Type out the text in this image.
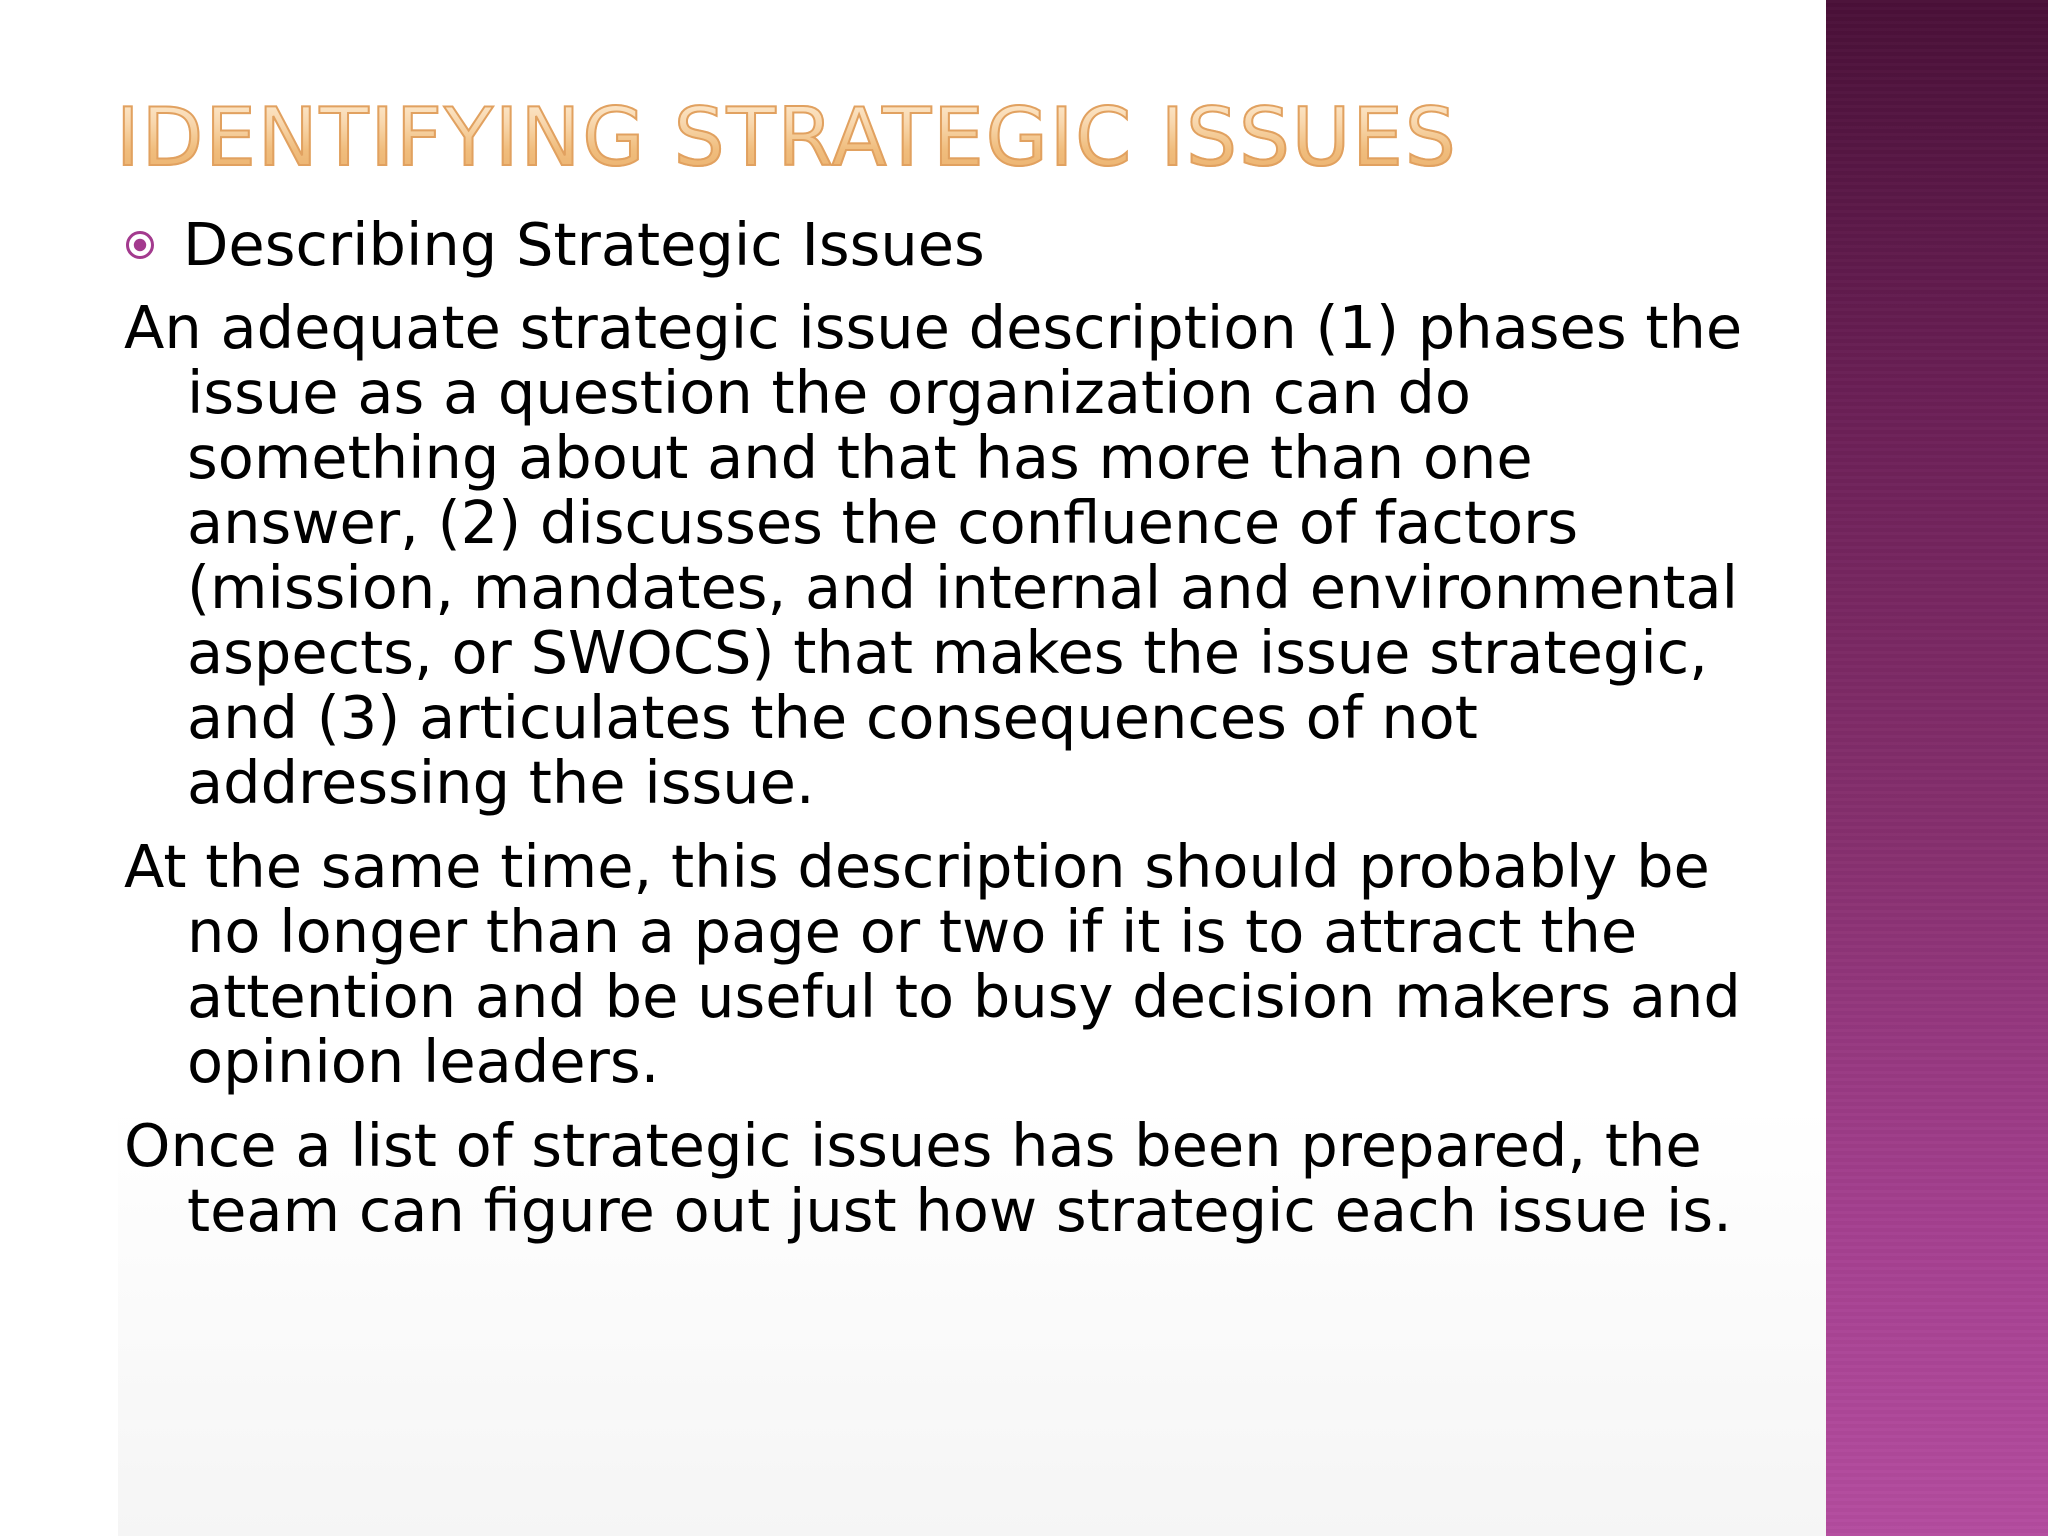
IDENTIFYING STRATEGIC ISSUES
Describing Strategic Issues

An adequate strategic issue description (1) phases the issue as a question the organization can do something about and that has more than one answer, (2) discusses the confluence of factors (mission, mandates, and internal and environmental aspects, or SWOCS) that makes the issue strategic, and (3) articulates the consequences of not addressing the issue.

At the same time, this description should probably be no longer than a page or two if it is to attract the attention and be useful to busy decision makers and opinion leaders.

Once a list of strategic issues has been prepared, the team can figure out just how strategic each issue is.
